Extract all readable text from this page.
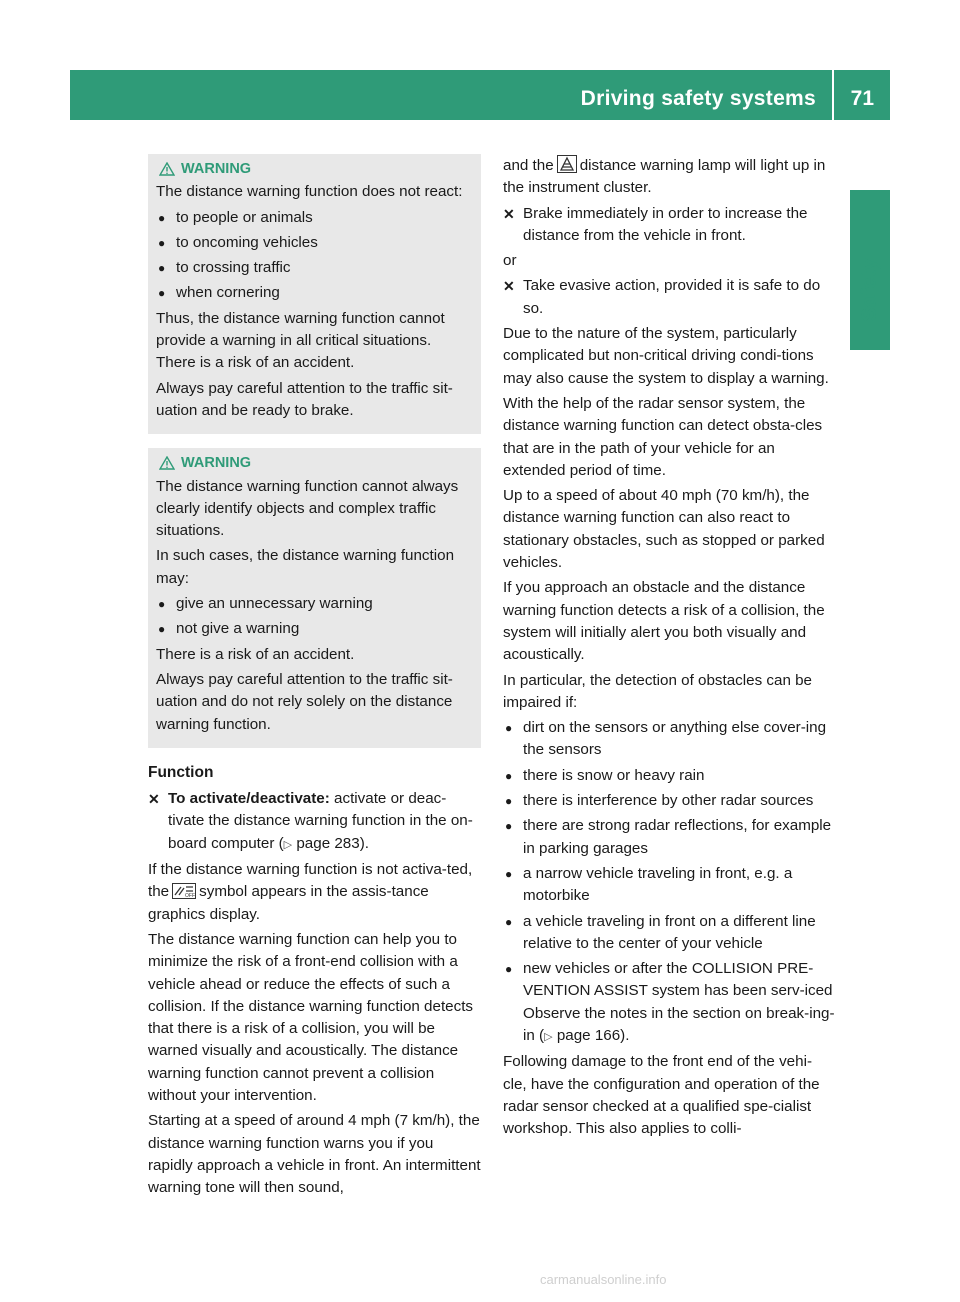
Driving safety systems 71
Safety
WARNING

The distance warning function does not react:

● to people or animals
● to oncoming vehicles
● to crossing traffic
● when cornering

Thus, the distance warning function cannot provide a warning in all critical situations. There is a risk of an accident.

Always pay careful attention to the traffic sit-uation and be ready to brake.

WARNING

The distance warning function cannot always clearly identify objects and complex traffic situations.

In such cases, the distance warning function may:

● give an unnecessary warning
● not give a warning

There is a risk of an accident.

Always pay careful attention to the traffic sit-uation and do not rely solely on the distance warning function.

Function
✕ To activate/deactivate: activate or deac-tivate the distance warning function in the on-board computer (▷ page 283).

If the distance warning function is not activa-ted, the	OFF symbol appears in the assis-tance graphics display.

The distance warning function can help you to minimize the risk of a front-end collision with a vehicle ahead or reduce the effects of such a collision. If the distance warning function detects that there is a risk of a collision, you will be warned visually and acoustically. The distance warning function cannot prevent a collision without your intervention.

Starting at a speed of around 4 mph (7 km/h), the distance warning function warns you if you rapidly approach a vehicle in front. An intermittent warning tone will then sound,

and the distance warning lamp will light up in the instrument cluster.

✕ Brake immediately in order to increase the distance from the vehicle in front.

or

✕ Take evasive action, provided it is safe to do so.

Due to the nature of the system, particularly complicated but non-critical driving condi-tions may also cause the system to display a warning.

With the help of the radar sensor system, the distance warning function can detect obsta-cles that are in the path of your vehicle for an extended period of time.

Up to a speed of about 40 mph (70 km/h), the distance warning function can also react to stationary obstacles, such as stopped or parked vehicles.

If you approach an obstacle and the distance warning function detects a risk of a collision, the system will initially alert you both visually and acoustically.

In particular, the detection of obstacles can be impaired if:

● dirt on the sensors or anything else cover-ing the sensors
● there is snow or heavy rain
● there is interference by other radar sources
● there are strong radar reflections, for example in parking garages
● a narrow vehicle traveling in front, e.g. a motorbike
● a vehicle traveling in front on a different line relative to the center of your vehicle
● new vehicles or after the COLLISION PRE-VENTION ASSIST system has been serv-iced
Observe the notes in the section on break-ing-in (▷ page 166).

Following damage to the front end of the vehi-cle, have the configuration and operation of the radar sensor checked at a qualified spe-cialist workshop. This also applies to colli-

carmanualsonline.info
